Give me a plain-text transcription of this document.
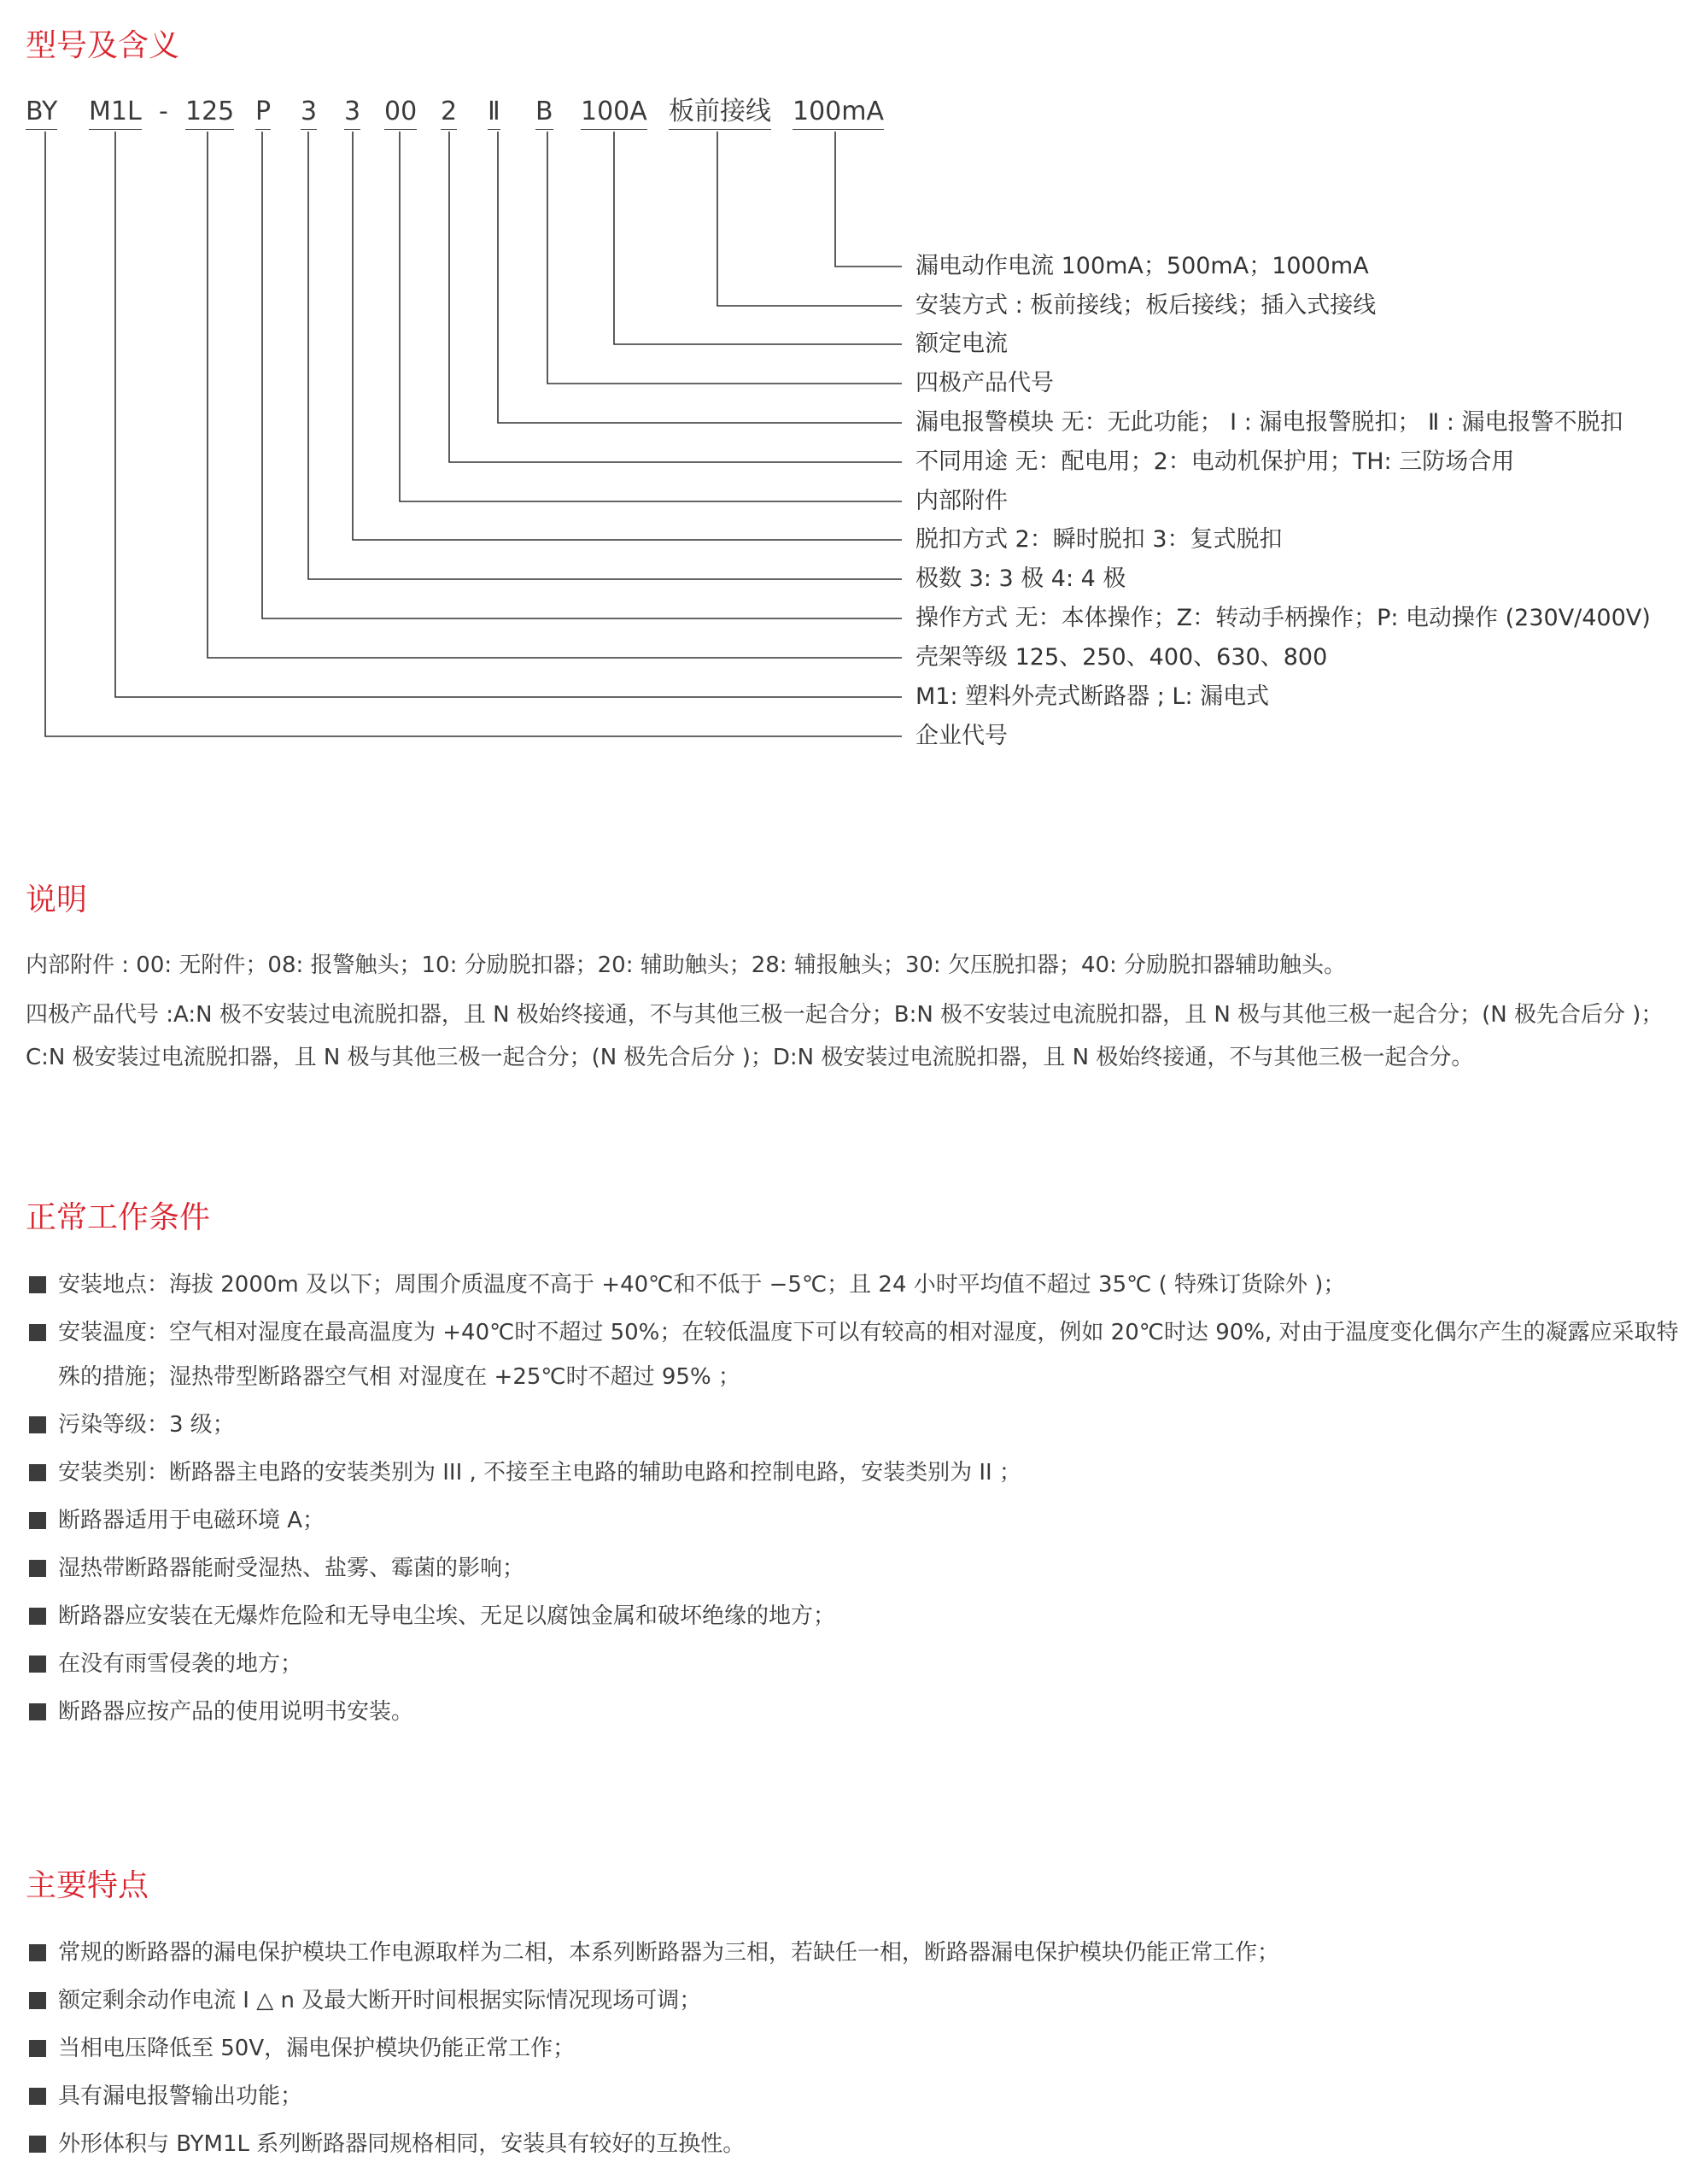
型号及含义
BY M1L - 125 P 3 3 00 2 Ⅱ B 100A 板前接线 100mA
漏电动作电流 100mA；500mA；1000mA
安装方式 : 板前接线；板后接线；插入式接线
额定电流
四极产品代号
漏电报警模块 无：无此功能； Ⅰ : 漏电报警脱扣； Ⅱ : 漏电报警不脱扣
不同用途 无：配电用；2：电动机保护用；TH: 三防场合用
内部附件
脱扣方式 2：瞬时脱扣 3：复式脱扣
极数 3: 3 极 4: 4 极
操作方式 无：本体操作；Z：转动手柄操作；P: 电动操作 (230V/400V)
壳架等级 125、250、400、630、800
M1: 塑料外壳式断路器 ; L: 漏电式
企业代号
说明

内部附件 : 00: 无附件；08: 报警触头；10: 分励脱扣器；20: 辅助触头；28: 辅报触头；30: 欠压脱扣器；40: 分励脱扣器辅助触头。

四极产品代号 :A:N 极不安装过电流脱扣器，且 N 极始终接通，不与其他三极一起合分；B:N 极不安装过电流脱扣器，且 N 极与其他三极一起合分；(N 极先合后分 )；C:N 极安装过电流脱扣器，且 N 极与其他三极一起合分；(N 极先合后分 )；D:N 极安装过电流脱扣器，且 N 极始终接通，不与其他三极一起合分。

正常工作条件
安装地点：海拔 2000m 及以下；周围介质温度不高于 +40℃和不低于 −5℃；且 24 小时平均值不超过 35℃ ( 特殊订货除外 )；
安装温度：空气相对湿度在最高温度为 +40℃时不超过 50%；在较低温度下可以有较高的相对湿度，例如 20℃时达 90%, 对由于温度变化偶尔产生的凝露应采取特殊的措施；湿热带型断路器空气相 对湿度在 +25℃时不超过 95% ；
污染等级：3 级；
安装类别：断路器主电路的安装类别为 III , 不接至主电路的辅助电路和控制电路，安装类别为 II ；
断路器适用于电磁环境 A；
湿热带断路器能耐受湿热、盐雾、霉菌的影响；
断路器应安装在无爆炸危险和无导电尘埃、无足以腐蚀金属和破坏绝缘的地方；
在没有雨雪侵袭的地方；
断路器应按产品的使用说明书安装。
主要特点
常规的断路器的漏电保护模块工作电源取样为二相，本系列断路器为三相，若缺任一相，断路器漏电保护模块仍能正常工作；
额定剩余动作电流 I △ n 及最大断开时间根据实际情况现场可调；
当相电压降低至 50V，漏电保护模块仍能正常工作；
具有漏电报警输出功能；
外形体积与 BYM1L 系列断路器同规格相同，安装具有较好的互换性。
